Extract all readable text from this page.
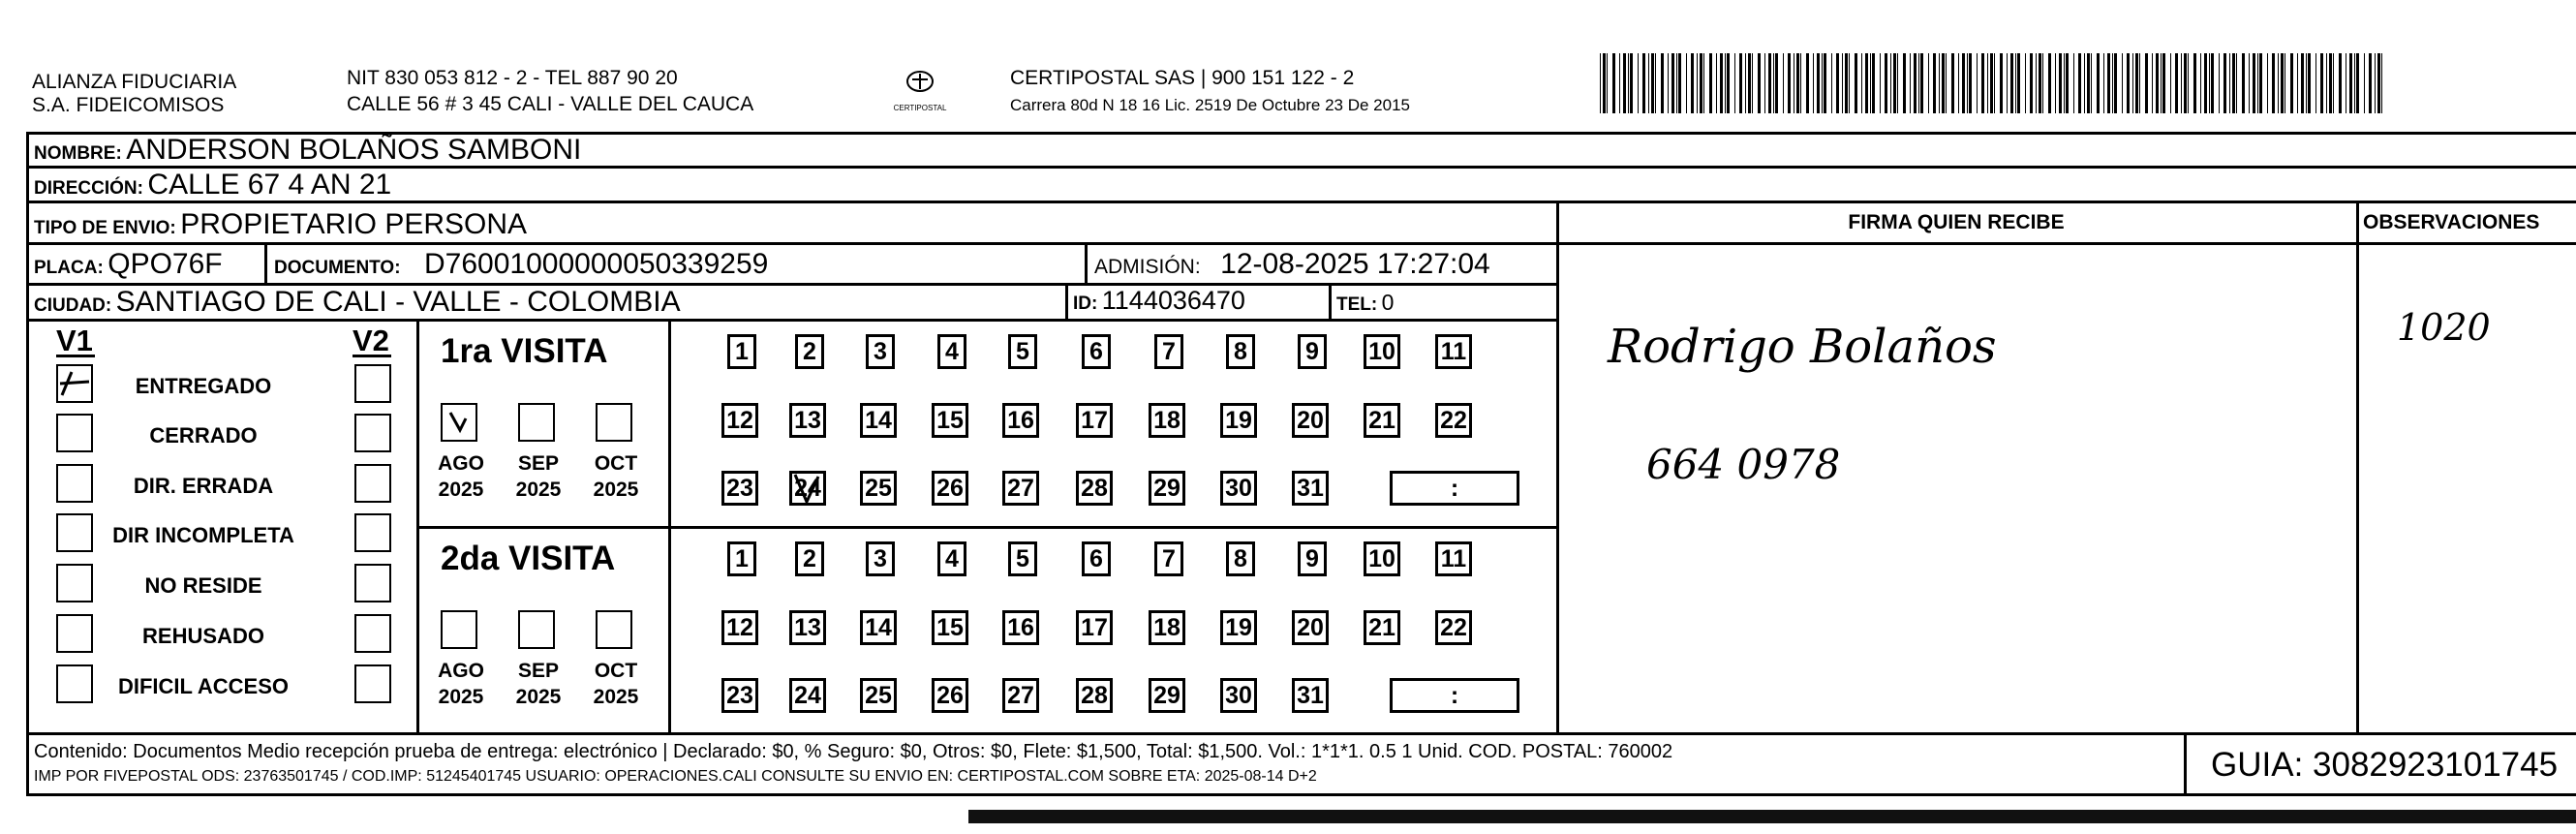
ALIANZA FIDUCIARIA
S.A. FIDEICOMISOS
NIT 830 053 812 - 2 - TEL 887 90 20
CALLE 56 # 3 45 CALI - VALLE DEL CAUCA	CERTIPOSTAL
CERTIPOSTAL SAS | 900 151 122 - 2
Carrera 80d N 18 16 Lic. 2519 De Octubre 23 De 2015
NOMBRE: ANDERSON BOLAÑOS SAMBONI
DIRECCIÓN: CALLE 67 4 AN 21
TIPO DE ENVIO: PROPIETARIO PERSONA
PLACA: QPO76F	DOCUMENTO: D76001000000050339259	ADMISIÓN: 12-08-2025 17:27:04
CIUDAD: SANTIAGO DE CALI - VALLE - COLOMBIA	ID: 1144036470	TEL: 0
FIRMA QUIEN RECIBE	OBSERVACIONES
V1	V2
ENTREGADO
CERRADO
DIR. ERRADA
DIR INCOMPLETA
NO RESIDE
REHUSADO
DIFICIL ACCESO
1ra VISITA
AGO
2025
SEP
2025
OCT
2025
1	2	3	4	5	6	7	8	9	10 11
12 13 14 15 16 17 18 19 20 21 22
23 24 25 26 27 28 29 30 31	:
2da VISITA
AGO
2025
SEP
2025
OCT
2025
1	2	3	4	5	6	7	8	9	10 11
12 13 14 15 16 17 18 19 20 21 22
23 24 25 26 27 28 29 30 31	:
Rodrigo Bolaños
664 0978
1020
Contenido: Documentos Medio recepción prueba de entrega: electrónico | Declarado: $0, % Seguro: $0, Otros: $0, Flete: $1,500, Total: $1,500. Vol.: 1*1*1. 0.5 1 Unid. COD. POSTAL: 760002
IMP POR FIVEPOSTAL ODS: 23763501745 / COD.IMP: 51245401745 USUARIO: OPERACIONES.CALI CONSULTE SU ENVIO EN: CERTIPOSTAL.COM SOBRE ETA: 2025-08-14 D+2	GUIA: 3082923101745
